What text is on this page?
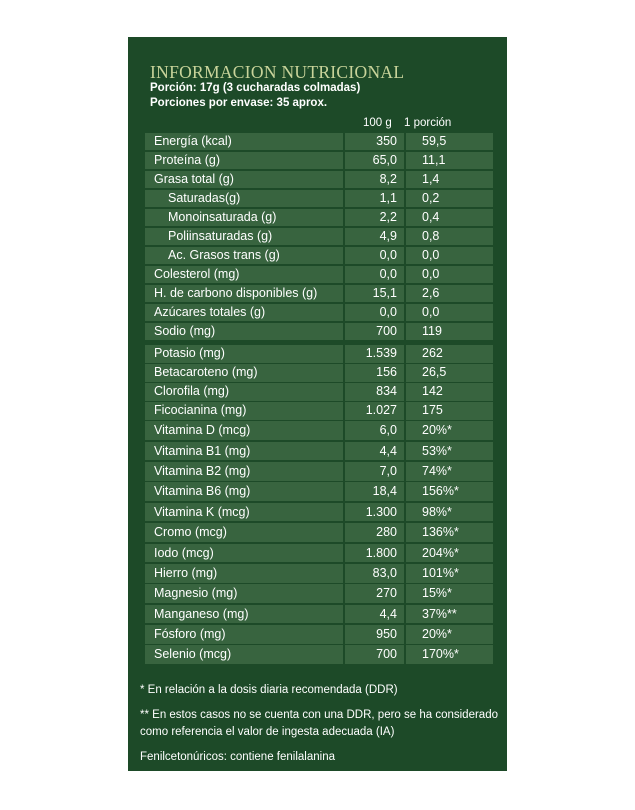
INFORMACION NUTRICIONAL
Porción: 17g (3 cucharadas colmadas)
Porciones por envase: 35 aprox.
100 g 1 porción
Energía (kcal)	350	59,5
Proteína (g)	65,0	11,1
Grasa total (g)	8,2	1,4
Saturadas(g)	1,1	0,2
Monoinsaturada (g)	2,2	0,4
Poliinsaturadas (g)	4,9	0,8
Ac. Grasos trans (g)	0,0	0,0
Colesterol (mg)	0,0	0,0
H. de carbono disponibles (g)	15,1	2,6
Azúcares totales (g)	0,0	0,0
Sodio (mg)	700	119
Potasio (mg)	1.539	262
Betacaroteno (mg)	156	26,5
Clorofila (mg)	834	142
Ficocianina (mg)	1.027	175
Vitamina D (mcg)	6,0	20%*
Vitamina B1 (mg)	4,4	53%*
Vitamina B2 (mg)	7,0	74%*
Vitamina B6 (mg)	18,4	156%*
Vitamina K (mcg)	1.300	98%*
Cromo (mcg)	280	136%*
Iodo (mcg)	1.800	204%*
Hierro (mg)	83,0	101%*
Magnesio (mg)	270	15%*
Manganeso (mg)	4,4	37%**
Fósforo (mg)	950	20%*
Selenio (mcg)	700	170%*

* En relación a la dosis diaria recomendada (DDR)

** En estos casos no se cuenta con una DDR, pero se ha considerado como referencia el valor de ingesta adecuada (IA)

Fenilcetonúricos: contiene fenilalanina
